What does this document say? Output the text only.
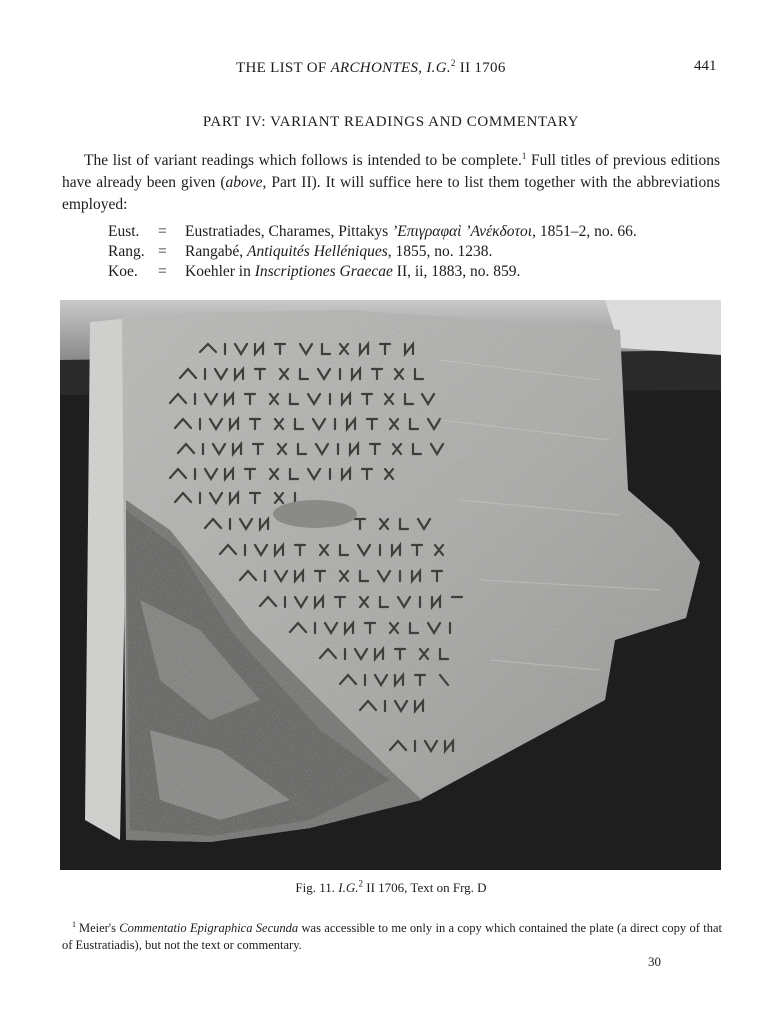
THE LIST OF ARCHONTES, I.G.$^2$ II 1706	441
PART IV: VARIANT READINGS AND COMMENTARY

The list of variant readings which follows is intended to be complete.$^1$ Full titles of previous editions have already been given (above, Part II). It will suffice here to list them together with the abbreviations employed:

Eust.	=	Eustratiades, Charames, Pittakys ’Επιγραφαὶ ’Ανέκδοτοι, 1851–2, no. 66.
Rang. =	Rangabé, Antiquités Helléniques, 1855, no. 1238.
Koe.	=	Koehler in Inscriptiones Graecae II, ii, 1883, no. 859.
Fig. 11. I.G.$^2$ II 1706, Text on Frg. D
$^1$ Meier's Commentatio Epigraphica Secunda was accessible to me only in a copy which contained the plate (a direct copy of that of Eustratiadis), but not the text or commentary.
30
